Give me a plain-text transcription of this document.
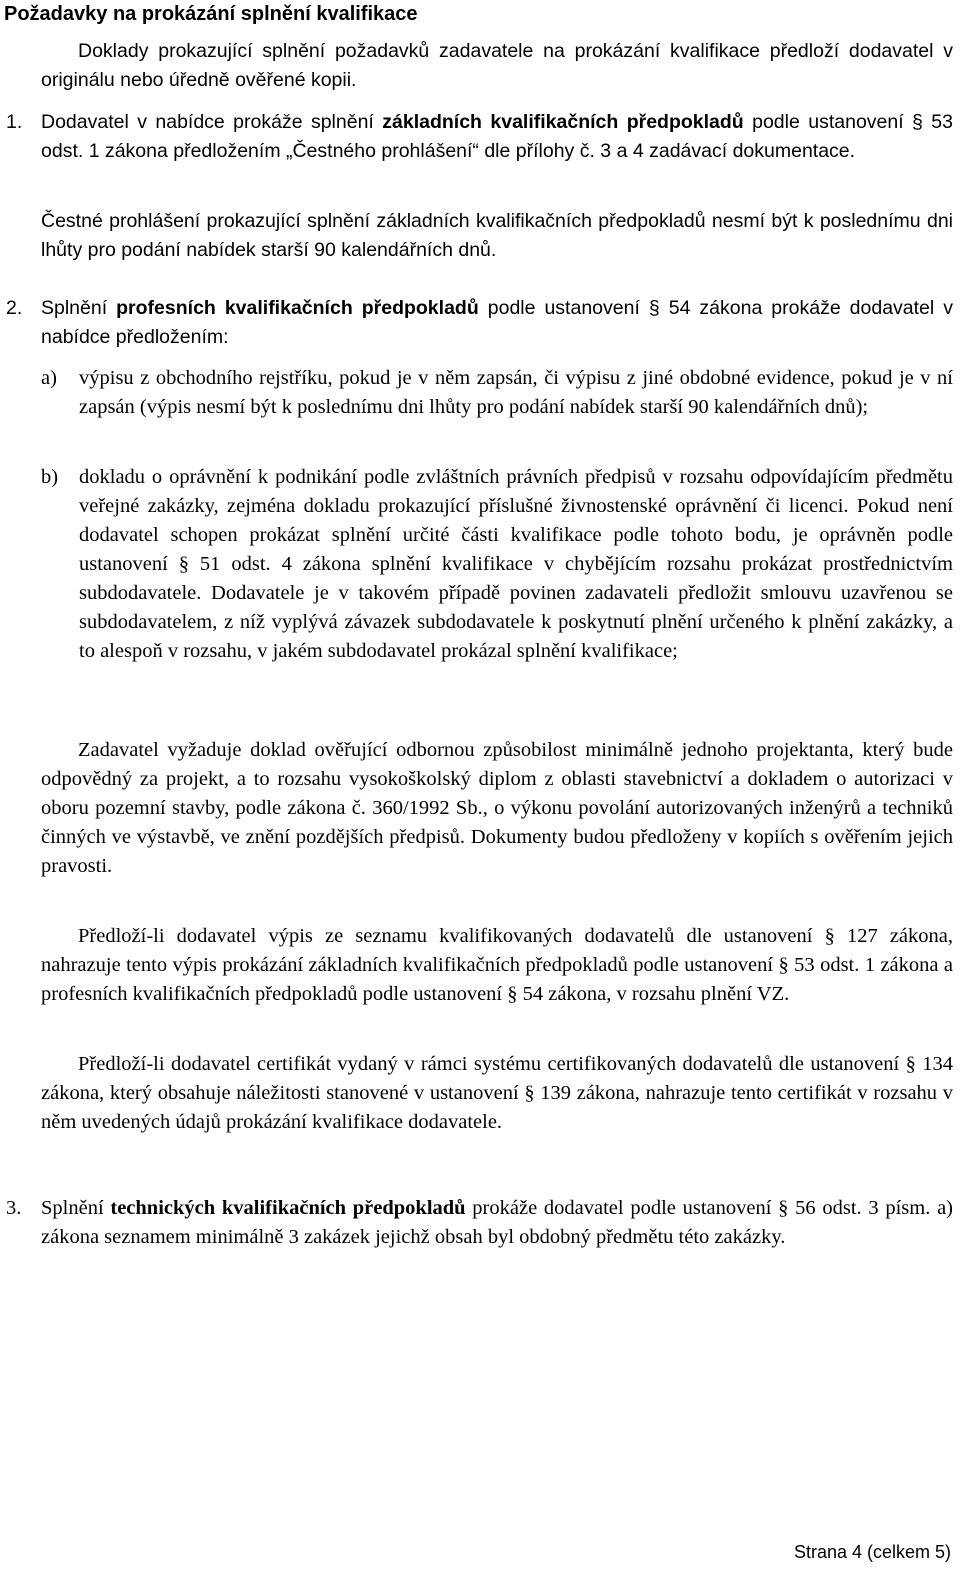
Požadavky na prokázání splnění kvalifikace

Doklady prokazující splnění požadavků zadavatele na prokázání kvalifikace předloží dodavatel v originálu nebo úředně ověřené kopii.

1. Dodavatel v nabídce prokáže splnění základních kvalifikačních předpokladů podle ustanovení § 53 odst. 1 zákona předložením „Čestného prohlášení“ dle přílohy č. 3 a 4 zadávací dokumentace.

Čestné prohlášení prokazující splnění základních kvalifikačních předpokladů nesmí být k poslednímu dni lhůty pro podání nabídek starší 90 kalendářních dnů.

2. Splnění profesních kvalifikačních předpokladů podle ustanovení § 54 zákona prokáže dodavatel v nabídce předložením:

a) výpisu z obchodního rejstříku, pokud je v něm zapsán, či výpisu z jiné obdobné evidence, pokud je v ní zapsán (výpis nesmí být k poslednímu dni lhůty pro podání nabídek starší 90 kalendářních dnů);

b) dokladu o oprávnění k podnikání podle zvláštních právních předpisů v rozsahu odpovídajícím předmětu veřejné zakázky, zejména dokladu prokazující příslušné živnostenské oprávnění či licenci. Pokud není dodavatel schopen prokázat splnění určité části kvalifikace podle tohoto bodu, je oprávněn podle ustanovení § 51 odst. 4 zákona splnění kvalifikace v chybějícím rozsahu prokázat prostřednictvím subdodavatele. Dodavatele je v takovém případě povinen zadavateli předložit smlouvu uzavřenou se subdodavatelem, z níž vyplývá závazek subdodavatele k poskytnutí plnění určeného k plnění zakázky, a to alespoň v rozsahu, v jakém subdodavatel prokázal splnění kvalifikace;

Zadavatel vyžaduje doklad ověřující odbornou způsobilost minimálně jednoho projektanta, který bude odpovědný za projekt, a to rozsahu vysokoškolský diplom z oblasti stavebnictví a dokladem o autorizaci v oboru pozemní stavby, podle zákona č. 360/1992 Sb., o výkonu povolání autorizovaných inženýrů a techniků činných ve výstavbě, ve znění pozdějších předpisů. Dokumenty budou předloženy v kopiích s ověřením jejich pravosti.

Předloží-li dodavatel výpis ze seznamu kvalifikovaných dodavatelů dle ustanovení § 127 zákona, nahrazuje tento výpis prokázání základních kvalifikačních předpokladů podle ustanovení § 53 odst. 1 zákona a profesních kvalifikačních předpokladů podle ustanovení § 54 zákona, v rozsahu plnění VZ.

Předloží-li dodavatel certifikát vydaný v rámci systému certifikovaných dodavatelů dle ustanovení § 134 zákona, který obsahuje náležitosti stanovené v ustanovení § 139 zákona, nahrazuje tento certifikát v rozsahu v něm uvedených údajů prokázání kvalifikace dodavatele.

3. Splnění technických kvalifikačních předpokladů prokáže dodavatel podle ustanovení § 56 odst. 3 písm. a) zákona seznamem minimálně 3 zakázek jejichž obsah byl obdobný předmětu této zakázky.

Strana 4 (celkem 5)
